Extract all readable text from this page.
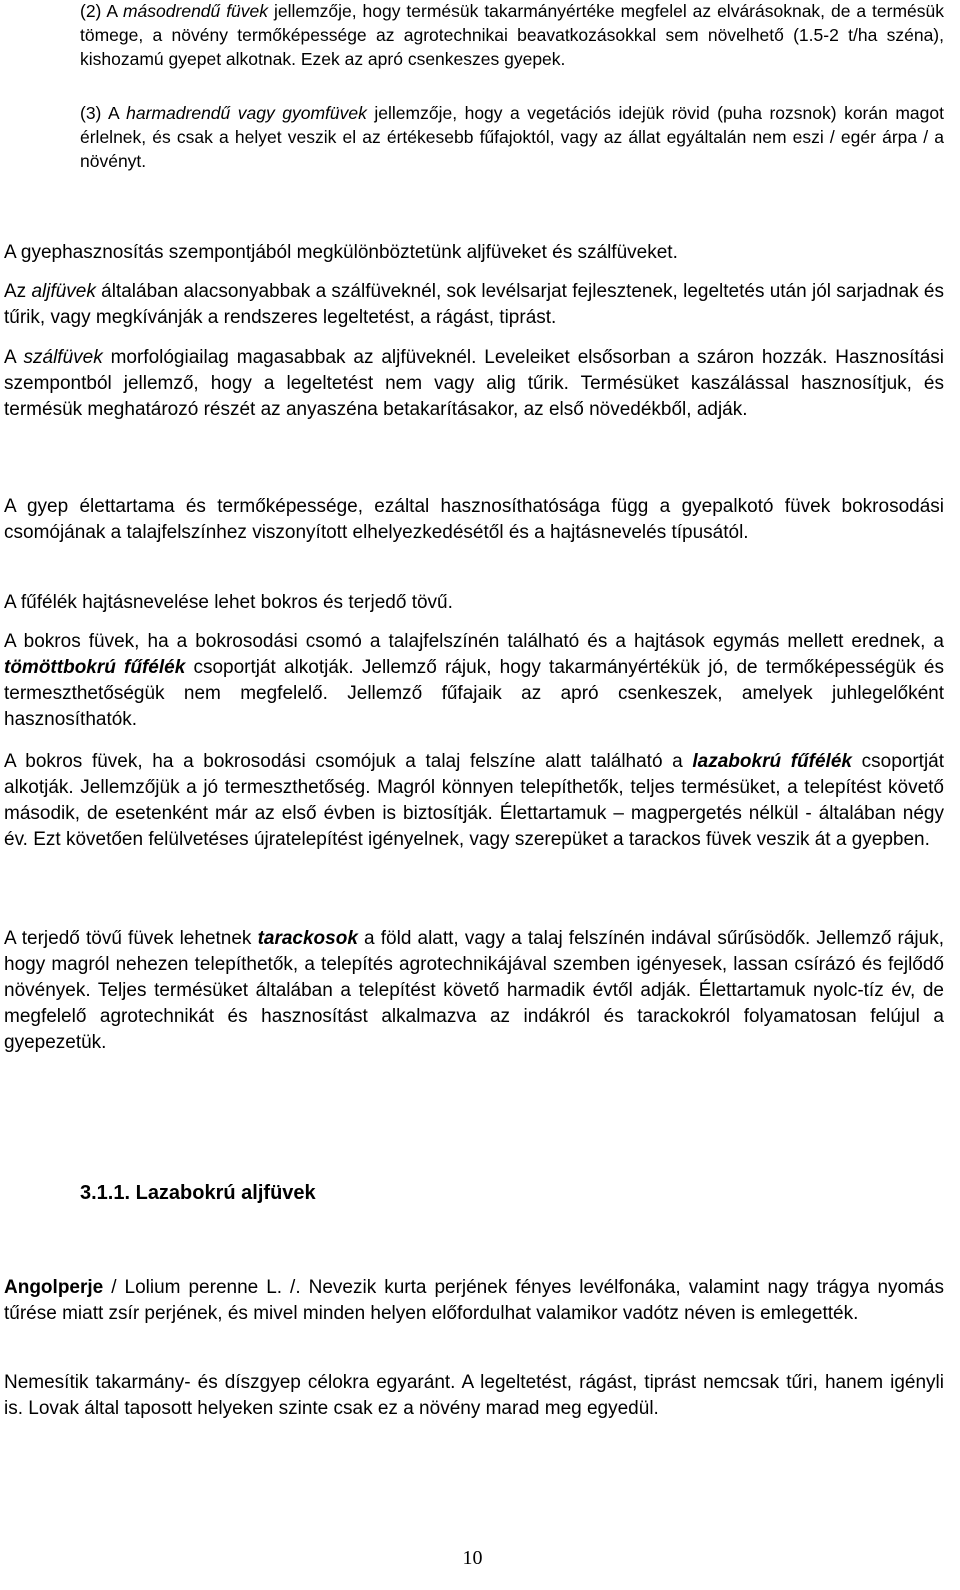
(2) A másodrendű füvek jellemzője, hogy termésük takarmányértéke megfelel az elvárásoknak, de a termésük tömege, a növény termőképessége az agrotechnikai beavatkozásokkal sem növelhető (1.5-2 t/ha széna), kishozamú gyepet alkotnak. Ezek az apró csenkeszes gyepek.

(3) A harmadrendű vagy gyomfüvek jellemzője, hogy a vegetációs idejük rövid (puha rozsnok) korán magot érlelnek, és csak a helyet veszik el az értékesebb fűfajoktól, vagy az állat egyáltalán nem eszi / egér árpa / a növényt.

A gyephasznosítás szempontjából megkülönböztetünk aljfüveket és szálfüveket.

Az aljfüvek általában alacsonyabbak a szálfüveknél, sok levélsarjat fejlesztenek, legeltetés után jól sarjadnak és tűrik, vagy megkívánják a rendszeres legeltetést, a rágást, tiprást.

A szálfüvek morfológiailag magasabbak az aljfüveknél. Leveleiket elsősorban a száron hozzák. Hasznosítási szempontból jellemző, hogy a legeltetést nem vagy alig tűrik. Termésüket kaszálással hasznosítjuk, és termésük meghatározó részét az anyaszéna betakarításakor, az első növedékből, adják.

A gyep élettartama és termőképessége, ezáltal hasznosíthatósága függ a gyepalkotó füvek bokrosodási csomójának a talajfelszínhez viszonyított elhelyezkedésétől és a hajtásnevelés típusától.

A fűfélék hajtásnevelése lehet bokros és terjedő tövű.

A bokros füvek, ha a bokrosodási csomó a talajfelszínén található és a hajtások egymás mellett erednek, a tömöttbokrú fűfélék csoportját alkotják. Jellemző rájuk, hogy takarmányértékük jó, de termőképességük és termeszthetőségük nem megfelelő. Jellemző fűfajaik az apró csenkeszek, amelyek juhlegelőként hasznosíthatók.

A bokros füvek, ha a bokrosodási csomójuk a talaj felszíne alatt található a lazabokrú fűfélék csoportját alkotják. Jellemzőjük a jó termeszthetőség. Magról könnyen telepíthetők, teljes termésüket, a telepítést követő második, de esetenként már az első évben is biztosítják. Élettartamuk – magpergetés nélkül - általában négy év. Ezt követően felülvetéses újratelepítést igényelnek, vagy szerepüket a tarackos füvek veszik át a gyepben.

A terjedő tövű füvek lehetnek tarackosok a föld alatt, vagy a talaj felszínén indával sűrűsödők. Jellemző rájuk, hogy magról nehezen telepíthetők, a telepítés agrotechnikájával szemben igényesek, lassan csírázó és fejlődő növények. Teljes termésüket általában a telepítést követő harmadik évtől adják. Élettartamuk nyolc-tíz év, de megfelelő agrotechnikát és hasznosítást alkalmazva az indákról és tarackokról folyamatosan felújul a gyepezetük.

3.1.1. Lazabokrú aljfüvek

Angolperje / Lolium perenne L. /. Nevezik kurta perjének fényes levélfonáka, valamint nagy trágya nyomás tűrése miatt zsír perjének, és mivel minden helyen előfordulhat valamikor vadótz néven is emlegették.

Nemesítik takarmány- és díszgyep célokra egyaránt. A legeltetést, rágást, tiprást nemcsak tűri, hanem igényli is. Lovak által taposott helyeken szinte csak ez a növény marad meg egyedül.

10
